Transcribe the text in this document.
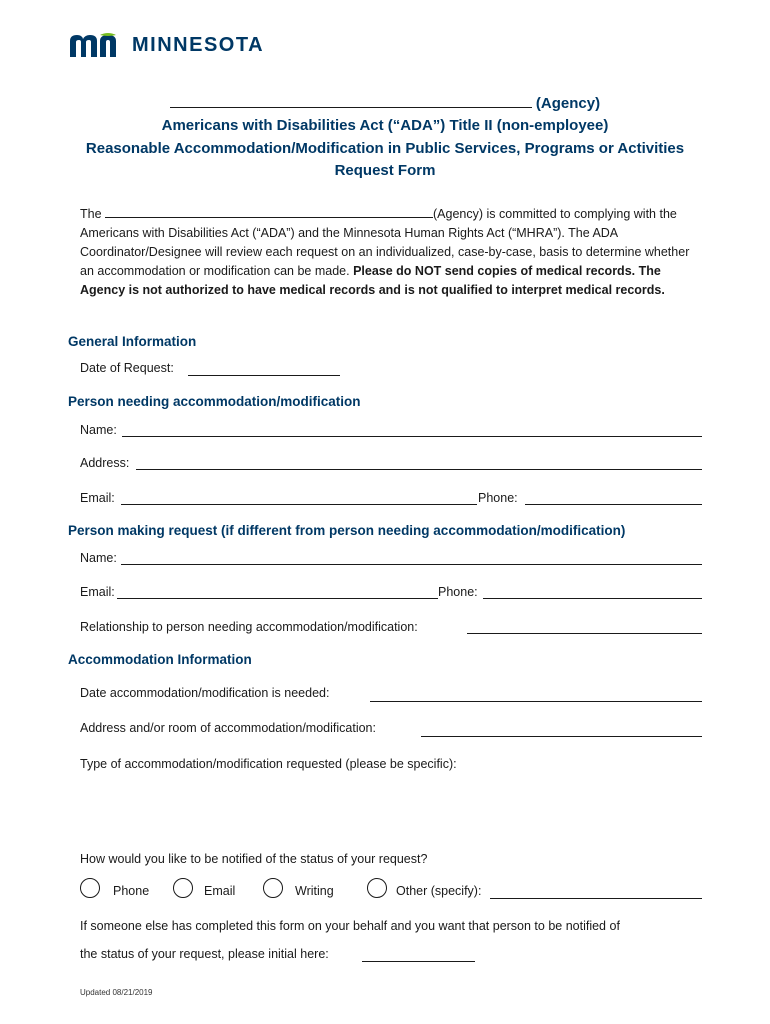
MINNESOTA
(Agency)
Americans with Disabilities Act (“ADA”) Title II (non-employee)
Reasonable Accommodation/Modification in Public Services, Programs or Activities
Request Form
The	(Agency) is committed to complying with the Americans with Disabilities Act (“ADA”) and the Minnesota Human Rights Act (“MHRA”). The ADA Coordinator/Designee will review each request on an individualized, case-by-case, basis to determine whether an accommodation or modification can be made. Please do NOT send copies of medical records. The Agency is not authorized to have medical records and is not qualified to interpret medical records.
General Information
Date of Request:
Person needing accommodation/modification
Name:
Address:
Email:	Phone:
Person making request (if different from person needing accommodation/modification)
Name:
Email:	Phone:
Relationship to person needing accommodation/modification:
Accommodation Information
Date accommodation/modification is needed:
Address and/or room of accommodation/modification:
Type of accommodation/modification requested (please be specific):
How would you like to be notified of the status of your request?
Phone	Email	Writing	Other (specify):
If someone else has completed this form on your behalf and you want that person to be notified of
the status of your request, please initial here:
Updated 08/21/2019
